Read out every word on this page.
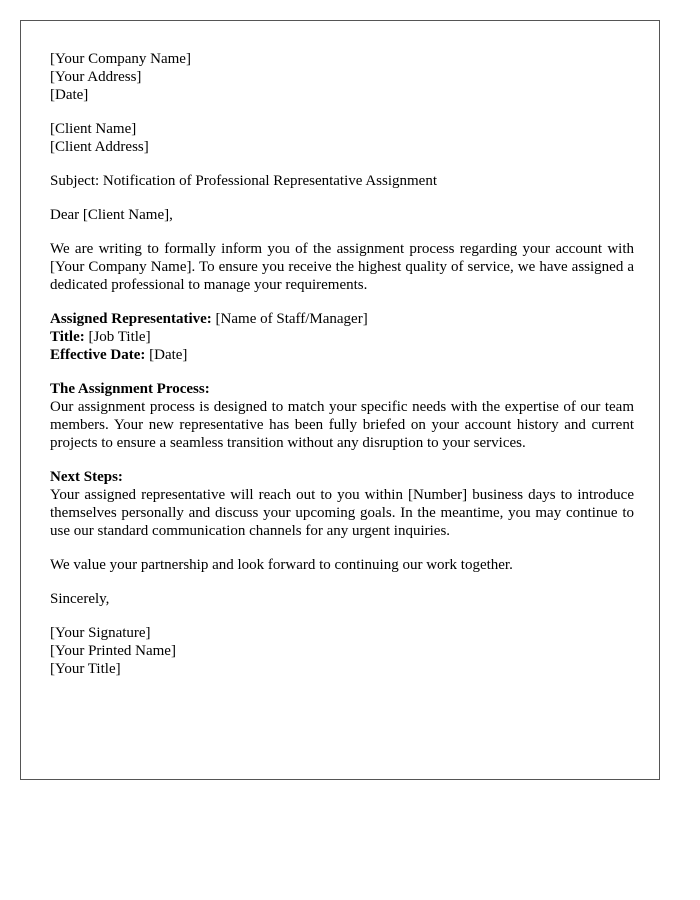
[Your Company Name]
[Your Address]
[Date]
[Client Name]
[Client Address]

Subject: Notification of Professional Representative Assignment

Dear [Client Name],

We are writing to formally inform you of the assignment process regarding your account with [Your Company Name]. To ensure you receive the highest quality of service, we have assigned a dedicated professional to manage your requirements.

Assigned Representative: [Name of Staff/Manager]
Title: [Job Title]
Effective Date: [Date]
The Assignment Process:
Our assignment process is designed to match your specific needs with the expertise of our team members. Your new representative has been fully briefed on your account history and current projects to ensure a seamless transition without any disruption to your services.
Next Steps:
Your assigned representative will reach out to you within [Number] business days to introduce themselves personally and discuss your upcoming goals. In the meantime, you may continue to use our standard communication channels for any urgent inquiries.

We value your partnership and look forward to continuing our work together.

Sincerely,

[Your Signature]
[Your Printed Name]
[Your Title]
